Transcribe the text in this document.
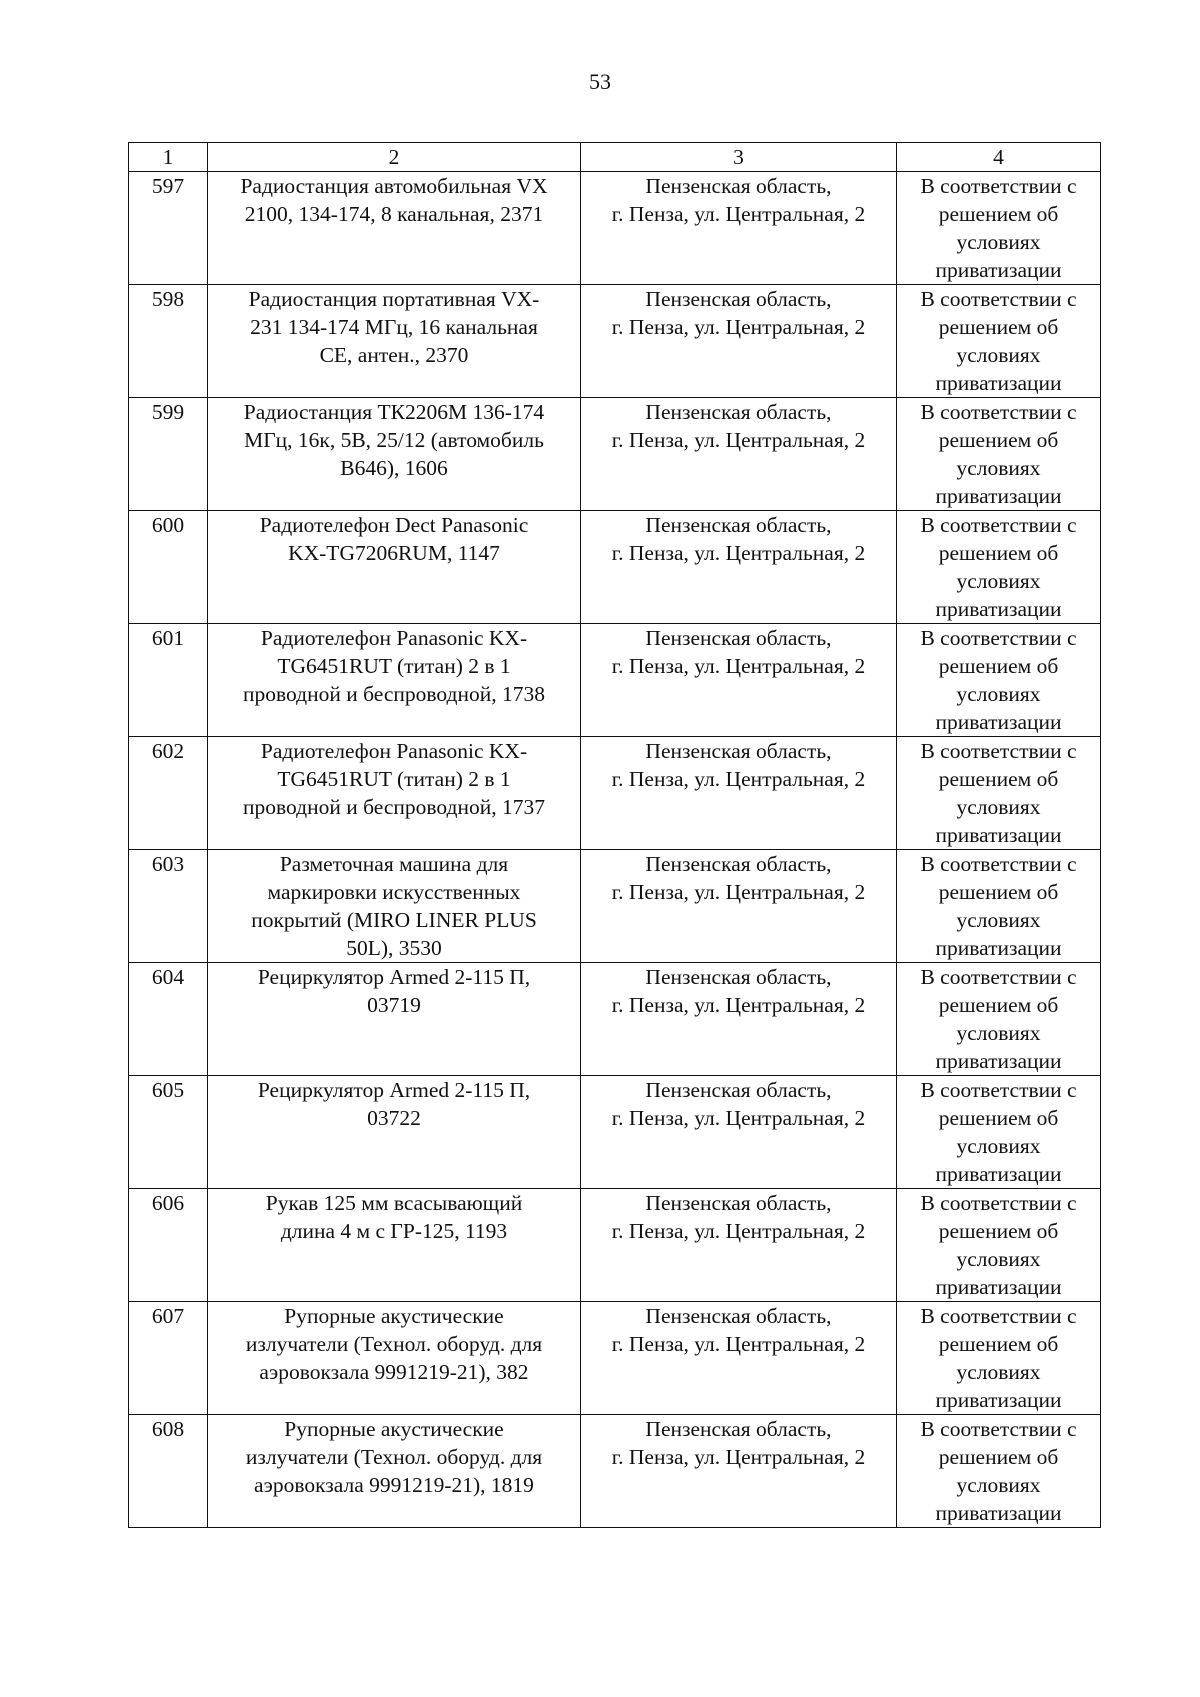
53
1	2	3	4
597	Радиостанция автомобильная VX
2100, 134-174, 8 канальная, 2371	Пензенская область,
г. Пенза, ул. Центральная, 2	В соответствии с
решением об
условиях
приватизации

598	Радиостанция портативная VX-
231 134-174 МГц, 16 канальная
CE, антен., 2370	Пензенская область,
г. Пенза, ул. Центральная, 2	В соответствии с
решением об
условиях
приватизации

599	Радиостанция ТК2206М 136-174
МГц, 16к, 5В, 25/12 (автомобиль
В646), 1606	Пензенская область,
г. Пенза, ул. Центральная, 2	В соответствии с
решением об
условиях
приватизации

600	Радиотелефон Dect Panasonic
KX-TG7206RUM, 1147	Пензенская область,
г. Пенза, ул. Центральная, 2	В соответствии с
решением об
условиях
приватизации

601	Радиотелефон Panasonic KX-
TG6451RUT (титан) 2 в 1
проводной и беспроводной, 1738	Пензенская область,
г. Пенза, ул. Центральная, 2	В соответствии с
решением об
условиях
приватизации

602	Радиотелефон Panasonic KX-
TG6451RUT (титан) 2 в 1
проводной и беспроводной, 1737	Пензенская область,
г. Пенза, ул. Центральная, 2	В соответствии с
решением об
условиях
приватизации

603	Разметочная машина для
маркировки искусственных
покрытий (MIRO LINER PLUS
50L), 3530	Пензенская область,
г. Пенза, ул. Центральная, 2	В соответствии с
решением об
условиях
приватизации

604	Рециркулятор Armed 2-115 П,
03719	Пензенская область,
г. Пенза, ул. Центральная, 2	В соответствии с
решением об
условиях
приватизации

605	Рециркулятор Armed 2-115 П,
03722	Пензенская область,
г. Пенза, ул. Центральная, 2	В соответствии с
решением об
условиях
приватизации

606	Рукав 125 мм всасывающий
длина 4 м с ГР-125, 1193	Пензенская область,
г. Пенза, ул. Центральная, 2	В соответствии с
решением об
условиях
приватизации

607	Рупорные акустические
излучатели (Технол. оборуд. для
аэровокзала 9991219-21), 382	Пензенская область,
г. Пенза, ул. Центральная, 2	В соответствии с
решением об
условиях
приватизации

608	Рупорные акустические
излучатели (Технол. оборуд. для
аэровокзала 9991219-21), 1819	Пензенская область,
г. Пенза, ул. Центральная, 2	В соответствии с
решением об
условиях
приватизации
